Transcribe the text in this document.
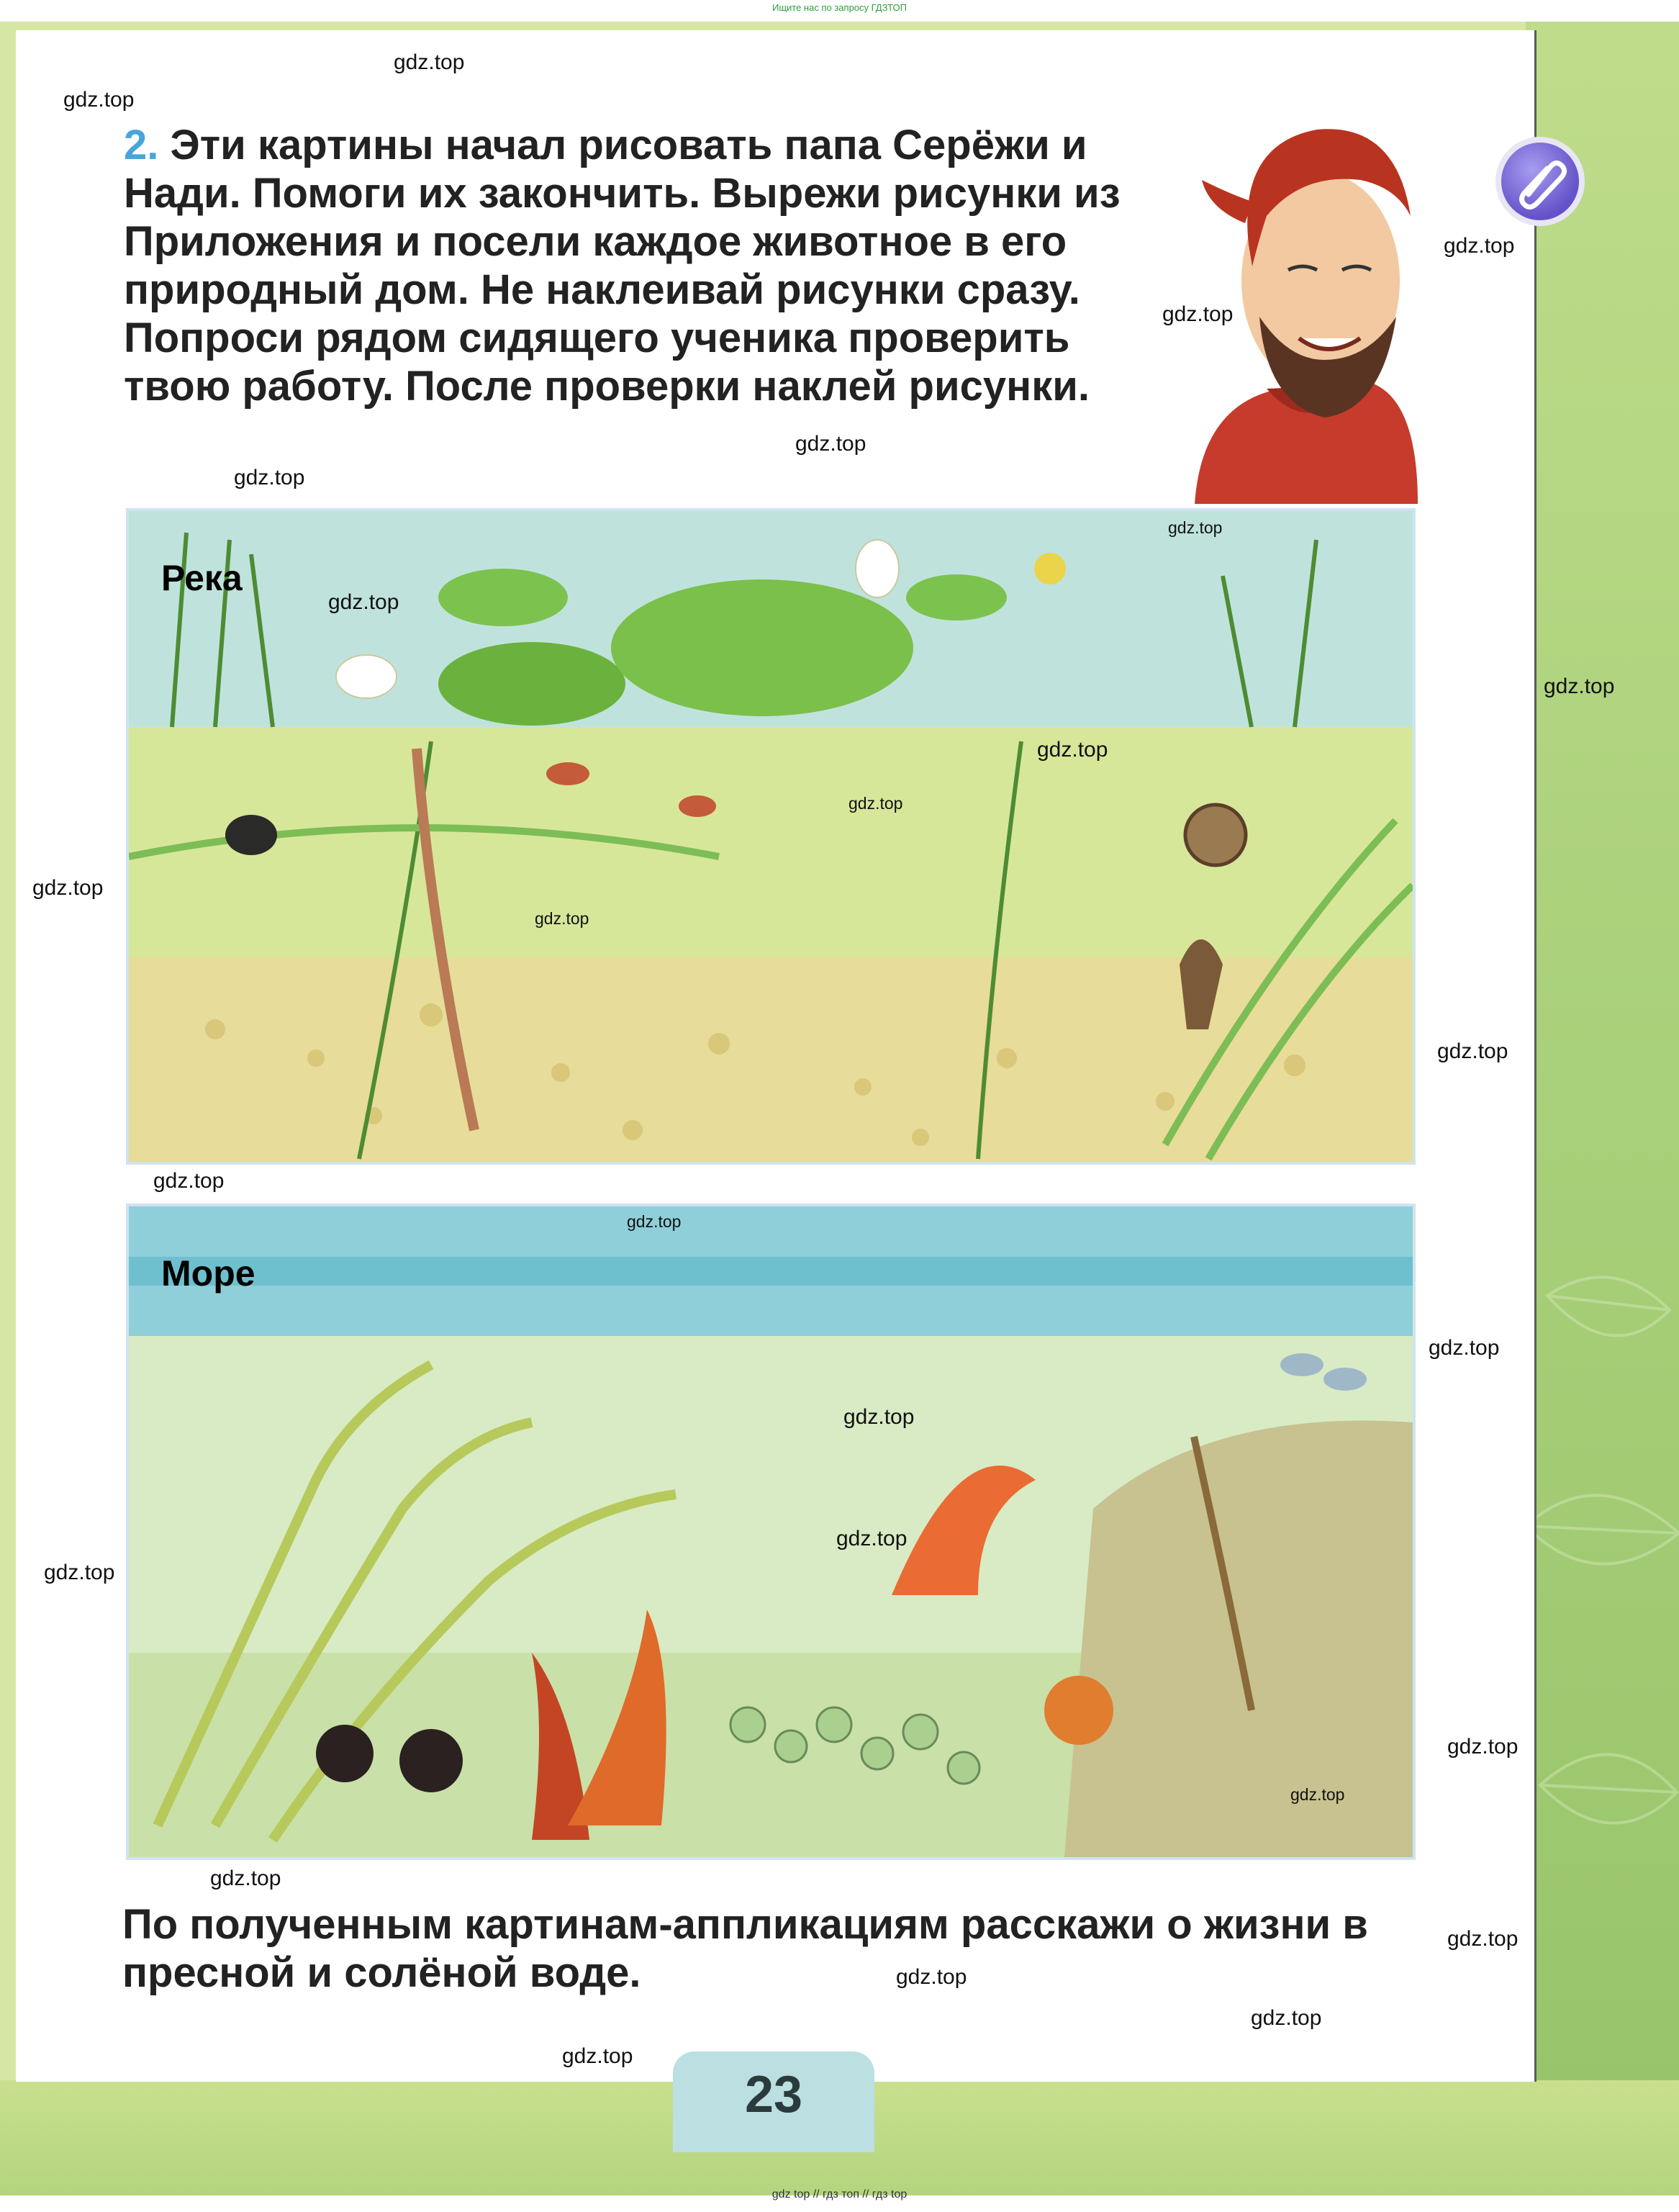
Ищите нас по запросу ГДЗТОП
2. Эти картины начал рисовать папа Серёжи и Нади. Помоги их закончить. Вырежи рисунки из Приложения и посели каждое животное в его природный дом. Не наклеивай рисунки сразу. Попроси рядом сидящего ученика проверить твою работу. После проверки наклей рисунки.
Река
Море
По полученным картинам-аппликациям расскажи о жизни в пресной и солёной воде.
23
gdz.top
gdz.top
gdz.top
gdz.top
gdz.top
gdz.top
gdz.top
gdz.top
gdz.top
gdz.top
gdz.top
gdz.top
gdz.top
gdz.top
gdz.top
gdz.top
gdz.top
gdz.top
gdz.top
gdz.top
gdz.top
gdz.top
gdz.top
gdz.top
gdz.top
gdz.top
gdz.top
gdz top // гдз топ // гдз top
